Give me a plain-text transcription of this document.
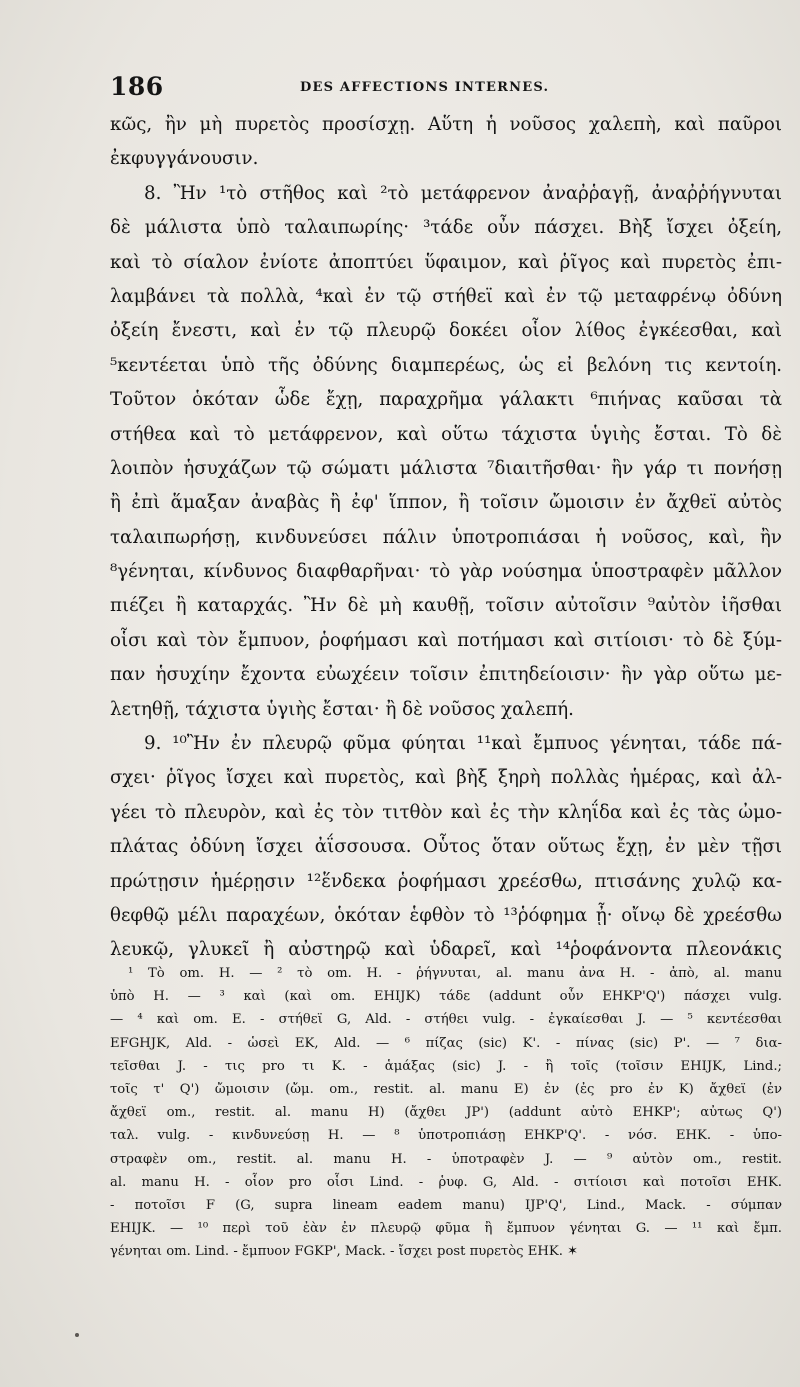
186	DES AFFECTIONS INTERNES.
κῶς, ἢν μὴ πυρετὸς προσίσχῃ. Αὕτη ἡ νοῦσος χαλεπὴ, καὶ παῦροι
ἐκφυγγάνουσιν.
8. Ἢν ¹τὸ στῆθος καὶ ²τὸ μετάφρενον ἀναῤῥαγῇ, ἀναῤῥήγνυται
δὲ μάλιστα ὑπὸ ταλαιπωρίης· ³τάδε οὖν πάσχει. Βὴξ ἴσχει ὀξείη,
καὶ τὸ σίαλον ἐνίοτε ἀποπτύει ὕφαιμον, καὶ ῥῖγος καὶ πυρετὸς ἐπι-
λαμβάνει τὰ πολλὰ, ⁴καὶ ἐν τῷ στήθεϊ καὶ ἐν τῷ μεταφρένῳ ὀδύνη
ὀξείη ἔνεστι, καὶ ἐν τῷ πλευρῷ δοκέει οἷον λίθος ἐγκέεσθαι, καὶ
⁵κεντέεται ὑπὸ τῆς ὀδύνης διαμπερέως, ὡς εἰ βελόνη τις κεντοίη.
Τοῦτον ὁκόταν ὧδε ἔχῃ, παραχρῆμα γάλακτι ⁶πιήνας καῦσαι τὰ
στήθεα καὶ τὸ μετάφρενον, καὶ οὕτω τάχιστα ὑγιὴς ἔσται. Τὸ δὲ
λοιπὸν ἡσυχάζων τῷ σώματι μάλιστα ⁷διαιτῆσθαι· ἢν γάρ τι πονήσῃ
ἢ ἐπὶ ἅμαξαν ἀναβὰς ἢ ἐφ' ἵππον, ἢ τοῖσιν ὤμοισιν ἐν ἄχθεϊ αὐτὸς
ταλαιπωρήσῃ, κινδυνεύσει πάλιν ὑποτροπιάσαι ἡ νοῦσος, καὶ, ἢν
⁸γένηται, κίνδυνος διαφθαρῆναι· τὸ γὰρ νούσημα ὑποστραφὲν μᾶλλον
πιέζει ἢ καταρχάς. Ἢν δὲ μὴ καυθῇ, τοῖσιν αὐτοῖσιν ⁹αὐτὸν ἰῆσθαι
οἷσι καὶ τὸν ἔμπυον, ῥοφήμασι καὶ ποτήμασι καὶ σιτίοισι· τὸ δὲ ξύμ-
παν ἡσυχίην ἔχοντα εὐωχέειν τοῖσιν ἐπιτηδείοισιν· ἢν γὰρ οὕτω με-
λετηθῇ, τάχιστα ὑγιὴς ἔσται· ἢ δὲ νοῦσος χαλεπή.
9. ¹⁰Ἢν ἐν πλευρῷ φῦμα φύηται ¹¹καὶ ἔμπυος γένηται, τάδε πά-
σχει· ῥῖγος ἴσχει καὶ πυρετὸς, καὶ βὴξ ξηρὴ πολλὰς ἡμέρας, καὶ ἀλ-
γέει τὸ πλευρὸν, καὶ ἐς τὸν τιτθὸν καὶ ἐς τὴν κληΐδα καὶ ἐς τὰς ὠμο-
πλάτας ὀδύνη ἴσχει ἀΐσσουσα. Οὗτος ὅταν οὕτως ἔχῃ, ἐν μὲν τῇσι
πρώτῃσιν ἡμέρῃσιν ¹²ἕνδεκα ῥοφήμασι χρεέσθω, πτισάνης χυλῷ κα-
θεφθῷ μέλι παραχέων, ὁκόταν ἑφθὸν τὸ ¹³ῥόφημα ᾖ· οἴνῳ δὲ χρεέσθω
λευκῷ, γλυκεῖ ἢ αὐστηρῷ καὶ ὑδαρεῖ, καὶ ¹⁴ῥοφάνοντα πλεονάκις
¹ Τὸ om. H. — ² τὸ om. H. - ῥήγνυται, al. manu ἀνα H. - ἀπὸ, al. manu
ὑπὸ H. — ³ καὶ (καὶ om. EHIJK) τάδε (addunt οὖν EHKP'Q') πάσχει vulg.
— ⁴ καὶ om. E. - στήθεϊ G, Ald. - στήθει vulg. - ἐγκαίεσθαι J. — ⁵ κεντέεσθαι
EFGHJK, Ald. - ὡσεὶ EK, Ald. — ⁶ πίζας (sic) K'. - πίνας (sic) P'. — ⁷ δια-
τεῖσθαι J. - τις pro τι K. - ἁμάξας (sic) J. - ἢ τοῖς (τοῖσιν EHIJK, Lind.;
τοῖς τ' Q') ὤμοισιν (ὤμ. om., restit. al. manu E) ἐν (ἐς pro ἐν K) ἄχθεϊ (ἐν
ἄχθεϊ om., restit. al. manu H) (ἄχθει JP') (addunt αὐτὸ EHKP'; αὐτως Q')
ταλ. vulg. - κινδυνεύσῃ H. — ⁸ ὑποτροπιάσῃ EHKP'Q'. - νόσ. EHK. - ὑπο-
στραφὲν om., restit. al. manu H. - ὑποτραφὲν J. — ⁹ αὐτὸν om., restit.
al. manu H. - οἷον pro οἷσι Lind. - ῥυφ. G, Ald. - σιτίοισι καὶ ποτοῖσι EHK.
- ποτοῖσι F (G, supra lineam eadem manu) IJP'Q', Lind., Mack. - σύμπαν
EHIJK. — ¹⁰ περὶ τοῦ ἐὰν ἐν πλευρῷ φῦμα ἢ ἔμπυον γένηται G. — ¹¹ καὶ ἔμπ.
γένηται om. Lind. - ἔμπυον FGKP', Mack. - ἴσχει post πυρετὸς EHK. ✶
